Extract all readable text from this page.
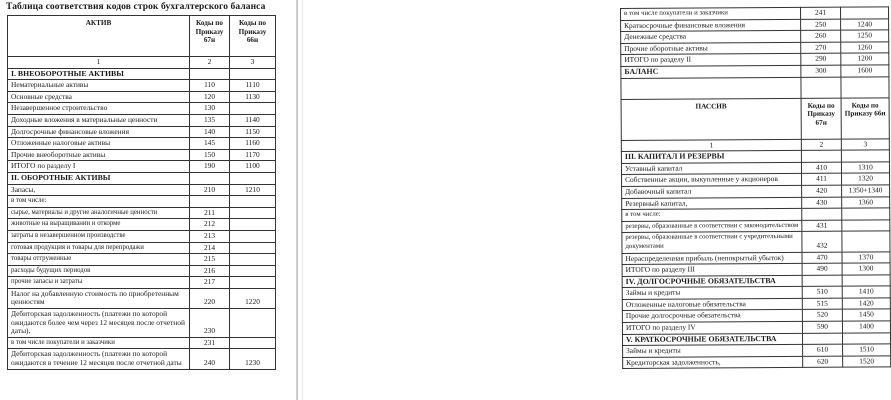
Таблица соответствия кодов строк бухгалтерского баланса
АКТИВ	Коды по Приказу 67н	Коды по Приказу 66н
1	2	3
I. ВНЕОБОРОТНЫЕ АКТИВЫ		
Нематериальные активы	110	1110
Основные средства	120	1130
Незавершенное строительство	130	
Доходные вложения в материальные ценности	135	1140
Долгосрочные финансовые вложения	140	1150
Отложенные налоговые активы	145	1160
Прочие внеоборотные активы	150	1170
ИТОГО по разделу I	190	1100
II. ОБОРОТНЫЕ АКТИВЫ		
Запасы,	210	1210
в том числе:		
сырье, материалы и другие аналогичные ценности	211	
животные на выращивании и откорме	212	
затраты в незавершенном производстве	213	
готовая продукция и товары для перепродажи	214	
товары отгруженные	215	
расходы будущих периодов	216	
прочие запасы и затраты	217	
Налог на добавленную стоимость по приобретенным ценностям	220	1220
Дебиторская задолженность (платежи по которой ожидаются более чем через 12 месяцев после отчетной даты),	230	
в том числе покупатели и заказчики	231	
Дебиторская задолженность (платежи по которой ожидаются в течение 12 месяцев после отчетной даты	240	1230
в том числе покупатели и заказчики	241	
Краткосрочные финансовые вложения	250	1240
Денежные средства	260	1250
Прочие оборотные активы	270	1260
ИТОГО по разделу II	290	1200
БАЛАНС	300	1600

ПАССИВ	Коды по Приказу 67н	Коды по Приказу 66н
1	2	3
III. КАПИТАЛ И РЕЗЕРВЫ		
Уставный капитал	410	1310
Собственные акции, выкупленные у акционеров	411	1320
Добавочный капитал	420	1350+1340
Резервный капитал,	430	1360
в том числе:		
резервы, образованные в соответствии с законодательством	431	
резервы, образованные в соответствии с учредительными документами	432	
Нераспределенная прибыль (непокрытый убыток)	470	1370
ИТОГО по разделу III	490	1300
IV. ДОЛГОСРОЧНЫЕ ОБЯЗАТЕЛЬСТВА		
Займы и кредиты	510	1410
Отложенные налоговые обязательства	515	1420
Прочие долгосрочные обязательства	520	1450
ИТОГО по разделу IV	590	1400
V. КРАТКОСРОЧНЫЕ ОБЯЗАТЕЛЬСТВА		
Займы и кредиты	610	1510
Кредиторская задолженность,	620	1520
